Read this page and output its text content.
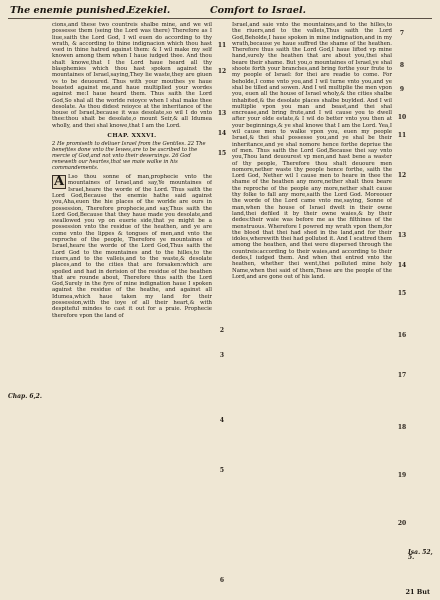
The enemie punished. Ezekiel.	Comfort to Israel.
Chap. 6,2.

cions,and these two countreis shalbe mine, and we wil possesse them (seing the Lord was there) Therefore as I liue,saith the Lord God, I wil euen do according to thy wrath, & according to thine indignacion which thou hast vsed in thine hatred against them: & I wil make my self knowen among them when I haue iudged thee. And thou shalt knowe,that I the Lord haue heard all thy blasphemies which thou hast spoken against the mountaines of Israel,saying,They lie waste,they are giuen vs to be deuoured. Thus with your mouthes ye haue boasted against me,and haue multiplied your wordes against me:I haue heard them. Thus saith the Lord God,So shal all the worlde reioyce when I shal make thee desolate. As thou didest reioyce at the inheritance of the house of Israel,because it was desolate,so wil I do vnto thee:thou shalt be desolate,o mount Seir,& all Idumea wholly, and thei shal knowe,that I am the Lord.

CHAP. XXXVI.

2 He promiseth to deliuer Israel from the Gentiles. 22 The benefites done vnto the Iewes,are to be ascribed to the mercie of God,and not vnto their deseruings. 26 God reneweth our heartes,that we maie walke in his commandements.

A Lso thou sonne of man,prophecie vnto the mountaines of Israel,and say,Ye mountaines of Israel,heare the worde of the Lord. Thus saith the Lord God,Because the enemie hathe said against you,Aha,euen the hie places of the worlde are ours in possession, Therefore prophecie,and say,Thus saith the Lord God,Because that they haue made you desolate,and swallowed you vp on euerie side,that ye might be a possession vnto the residue of the heathen, and ye are come vnto the lippes & tongues of men,and vnto the reproche of the people, Therefore ye mountaines of Israel,heare the worde of the Lord God,Thus saith the Lord God to the mountaines and to the hilles,to the riuers,and to the valleis,and to the waste,& desolate places,and to the cities that are forsaken:which are spoiled and had in derision of the residue of the heathen that are rounde about, Therefore thus saith the Lord God,Surely in the fyre of mine indignation haue I spoken against the residue of the heathe, and against all Idumea,which haue taken my land for their possession,with the ioye of all their heart,& with despiteful mindes to cast it out for a praie. Prophecie therefore vpon the land of

11
12
13
14
15
2
3
4
5
6

Israel,and saie vnto the mountaines,and to the hilles,to the riuers,and to the valleis,Thus saith the Lord God,Beholde,I haue spoken in mine indignation,and in my wrath,because ye haue suffred the shame of the heathen. Therefore thus saith the Lord God,I haue lifted vp mine hand,surely the heathen that are about you,thei shal beare their shame. But you,o mountaines of Israel,ye shal shoote forth your branches,and bring forthe your frute to my people of Israel: for thei are readie to come. For beholde,I come vnto you,and I wil turne vnto you,and ye shal be tilled and sowen. And I wil multiplie the men vpon you, euen all the house of Israel wholy,& the cities shalbe inhabited,& the desolate places shalbe buylded. And I wil multiplie vpon you man and beast,and thei shal encrease,and bring frute,and I wil cause you to dwell after your olde estate,& I wil do better vnto you then at your beginnings,& ye shal knowe that I am the Lord. Yea,I wil cause men to walke vpon you, euen my people Israel,& thei shal possesse you,and ye shal be their inheritance,and ye shal nomore hence forthe depriue the of men. Thus saith the Lord God,Because thei say vnto you,Thou land deuourest vp men,and hast bene a waster of thy people, Therefore thou shalt deuoure men nomore,nether waste thy people hence forthe, saith the Lord God, Nether wil I cause men to heare in thee the shame of the heathen any more,nether shalt thou beare the reproche of the people any more,nether shalt cause thy folke to fall any more,saith the Lord God. Moreouer the worde of the Lord came vnto me,saying, Sonne of man,when the house of Israel dwelt in their owne land,thei defiled it by their owne waies,& by their dedes:their waie was before me as the filthines of the menstruous. Wherefore I powred my wrath vpon them,for the blood that thei had shed in the land,and for their idoles,wherewith thei had polluted it. And I scattred them among the heathen, and thei were dispersed through the countreis:according to their waies,and according to their dedes,I iudged them. And when thei entred vnto the heathen, whether thei went,thei polluted mine holy Name,when thei said of them,These are the people of the Lord,and are gone out of his land.

7
8
9
10
11
12
13
14
15
16
17
18
19
20
Isa. 52, 5.
21 But
